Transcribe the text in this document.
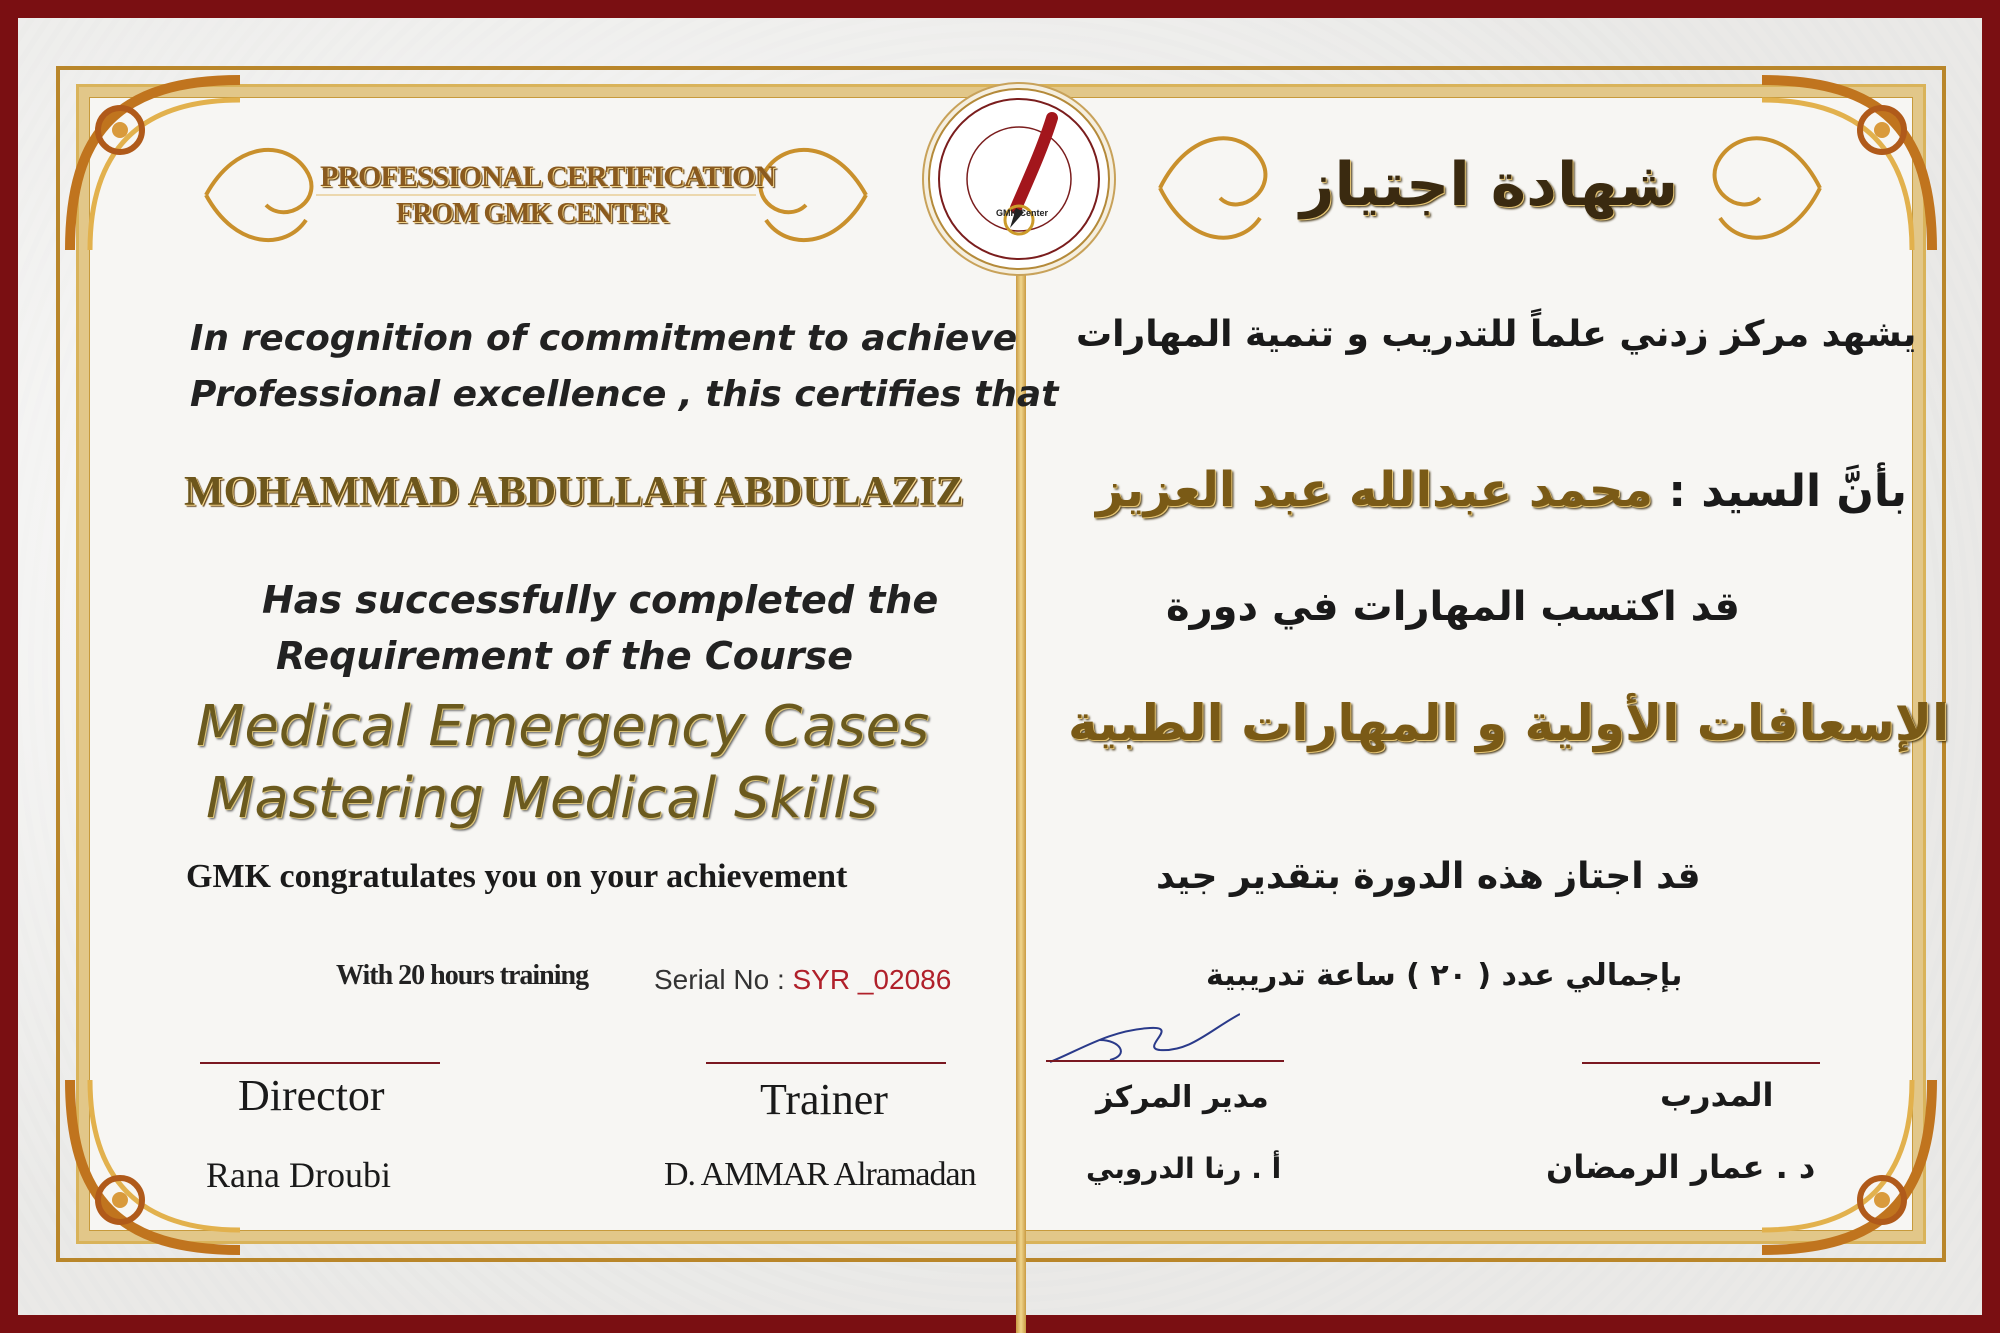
GMK Center
PROFESSIONAL CERTIFICATION
FROM GMK CENTER
In recognition of commitment to achieve
Professional excellence , this certifies that
MOHAMMAD ABDULLAH ABDULAZIZ
Has successfully completed the
Requirement of the Course
Medical Emergency Cases
Mastering Medical Skills
GMK congratulates you on your achievement
With 20 hours training Serial No : SYR _02086
Director
Rana Droubi
Trainer
D. AMMAR Alramadan
شهادة اجتياز
يشهد مركز زدني علماً للتدريب و تنمية المهارات
بأنَّ السيد : محمد عبدالله عبد العزيز
قد اكتسب المهارات في دورة
الإسعافات الأولية و المهارات الطبية
قد اجتاز هذه الدورة بتقدير جيد
بإجمالي عدد ( ٢٠ ) ساعة تدريبية
مدير المركز
أ . رنا الدروبي
المدرب
د . عمار الرمضان
